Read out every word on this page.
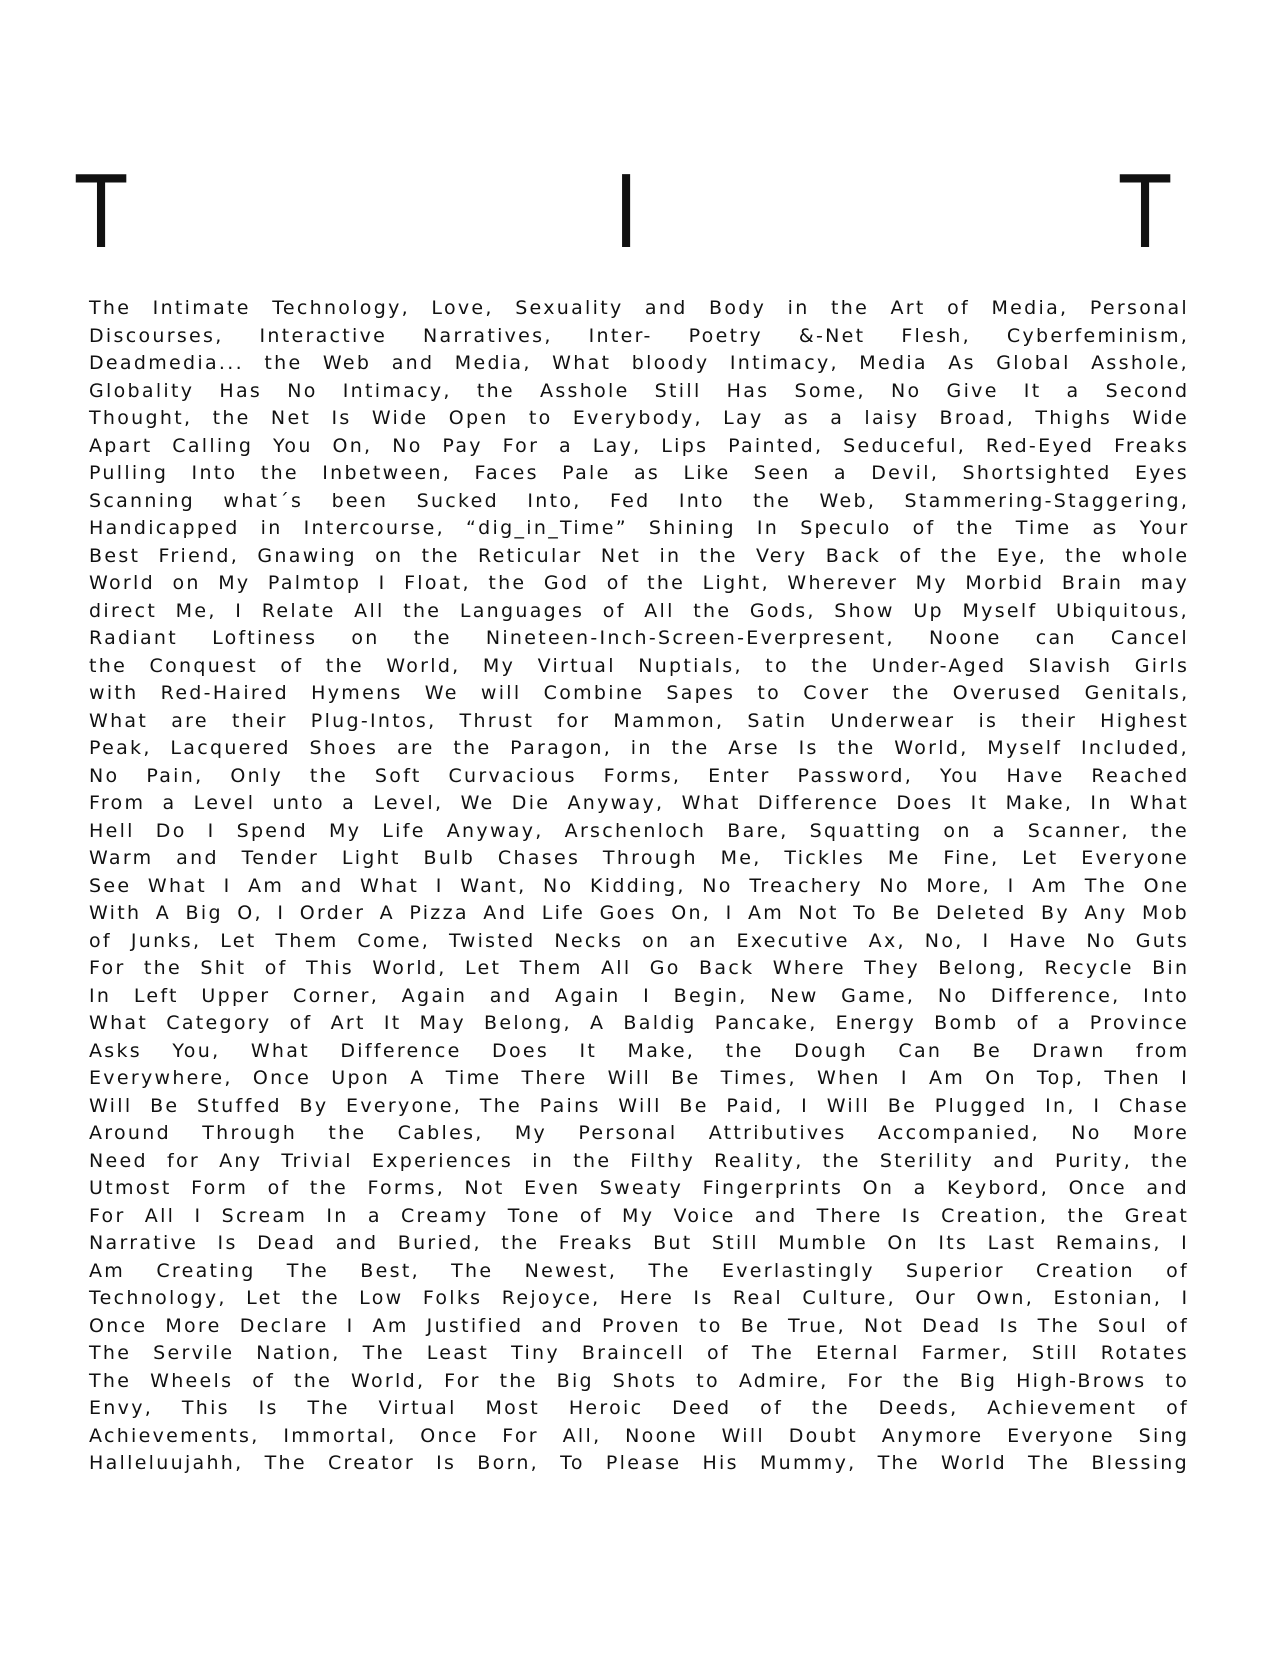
T	I	T
The Intimate Technology, Love, Sexuality and Body in the Art of Media, Personal
Discourses, Interactive Narratives, Inter- Poetry &-Net Flesh, Cyberfeminism,
Deadmedia... the Web and Media, What bloody Intimacy, Media As Global Asshole,
Globality Has No Intimacy, the Asshole Still Has Some, No Give It a Second
Thought, the Net Is Wide Open to Everybody, Lay as a laisy Broad, Thighs Wide
Apart Calling You On, No Pay For a Lay, Lips Painted, Seduceful, Red-Eyed Freaks
Pulling Into the Inbetween, Faces Pale as Like Seen a Devil, Shortsighted Eyes
Scanning what´s been Sucked Into, Fed Into the Web, Stammering-Staggering,
Handicapped in Intercourse, “dig_in_Time” Shining In Speculo of the Time as Your
Best Friend, Gnawing on the Reticular Net in the Very Back of the Eye, the whole
World on My Palmtop I Float, the God of the Light, Wherever My Morbid Brain may
direct Me, I Relate All the Languages of All the Gods, Show Up Myself Ubiquitous,
Radiant Loftiness on the Nineteen-Inch-Screen-Everpresent, Noone can Cancel
the Conquest of the World, My Virtual Nuptials, to the Under-Aged Slavish Girls
with Red-Haired Hymens We will Combine Sapes to Cover the Overused Genitals,
What are their Plug-Intos, Thrust for Mammon, Satin Underwear is their Highest
Peak, Lacquered Shoes are the Paragon, in the Arse Is the World, Myself Included,
No Pain, Only the Soft Curvacious Forms, Enter Password, You Have Reached
From a Level unto a Level, We Die Anyway, What Difference Does It Make, In What
Hell Do I Spend My Life Anyway, Arschenloch Bare, Squatting on a Scanner, the
Warm and Tender Light Bulb Chases Through Me, Tickles Me Fine, Let Everyone
See What I Am and What I Want, No Kidding, No Treachery No More, I Am The One
With A Big O, I Order A Pizza And Life Goes On, I Am Not To Be Deleted By Any Mob
of Junks, Let Them Come, Twisted Necks on an Executive Ax, No, I Have No Guts
For the Shit of This World, Let Them All Go Back Where They Belong, Recycle Bin
In Left Upper Corner, Again and Again I Begin, New Game, No Difference, Into
What Category of Art It May Belong, A Baldig Pancake, Energy Bomb of a Province
Asks You, What Difference Does It Make, the Dough Can Be Drawn from
Everywhere, Once Upon A Time There Will Be Times, When I Am On Top, Then I
Will Be Stuffed By Everyone, The Pains Will Be Paid, I Will Be Plugged In, I Chase
Around Through the Cables, My Personal Attributives Accompanied, No More
Need for Any Trivial Experiences in the Filthy Reality, the Sterility and Purity, the
Utmost Form of the Forms, Not Even Sweaty Fingerprints On a Keybord, Once and
For All I Scream In a Creamy Tone of My Voice and There Is Creation, the Great
Narrative Is Dead and Buried, the Freaks But Still Mumble On Its Last Remains, I
Am Creating The Best, The Newest, The Everlastingly Superior Creation of
Technology, Let the Low Folks Rejoyce, Here Is Real Culture, Our Own, Estonian, I
Once More Declare I Am Justified and Proven to Be True, Not Dead Is The Soul of
The Servile Nation, The Least Tiny Braincell of The Eternal Farmer, Still Rotates
The Wheels of the World, For the Big Shots to Admire, For the Big High-Brows to
Envy, This Is The Virtual Most Heroic Deed of the Deeds, Achievement of
Achievements, Immortal, Once For All, Noone Will Doubt Anymore Everyone Sing
Halleluujahh, The Creator Is Born, To Please His Mummy, The World The Blessing
